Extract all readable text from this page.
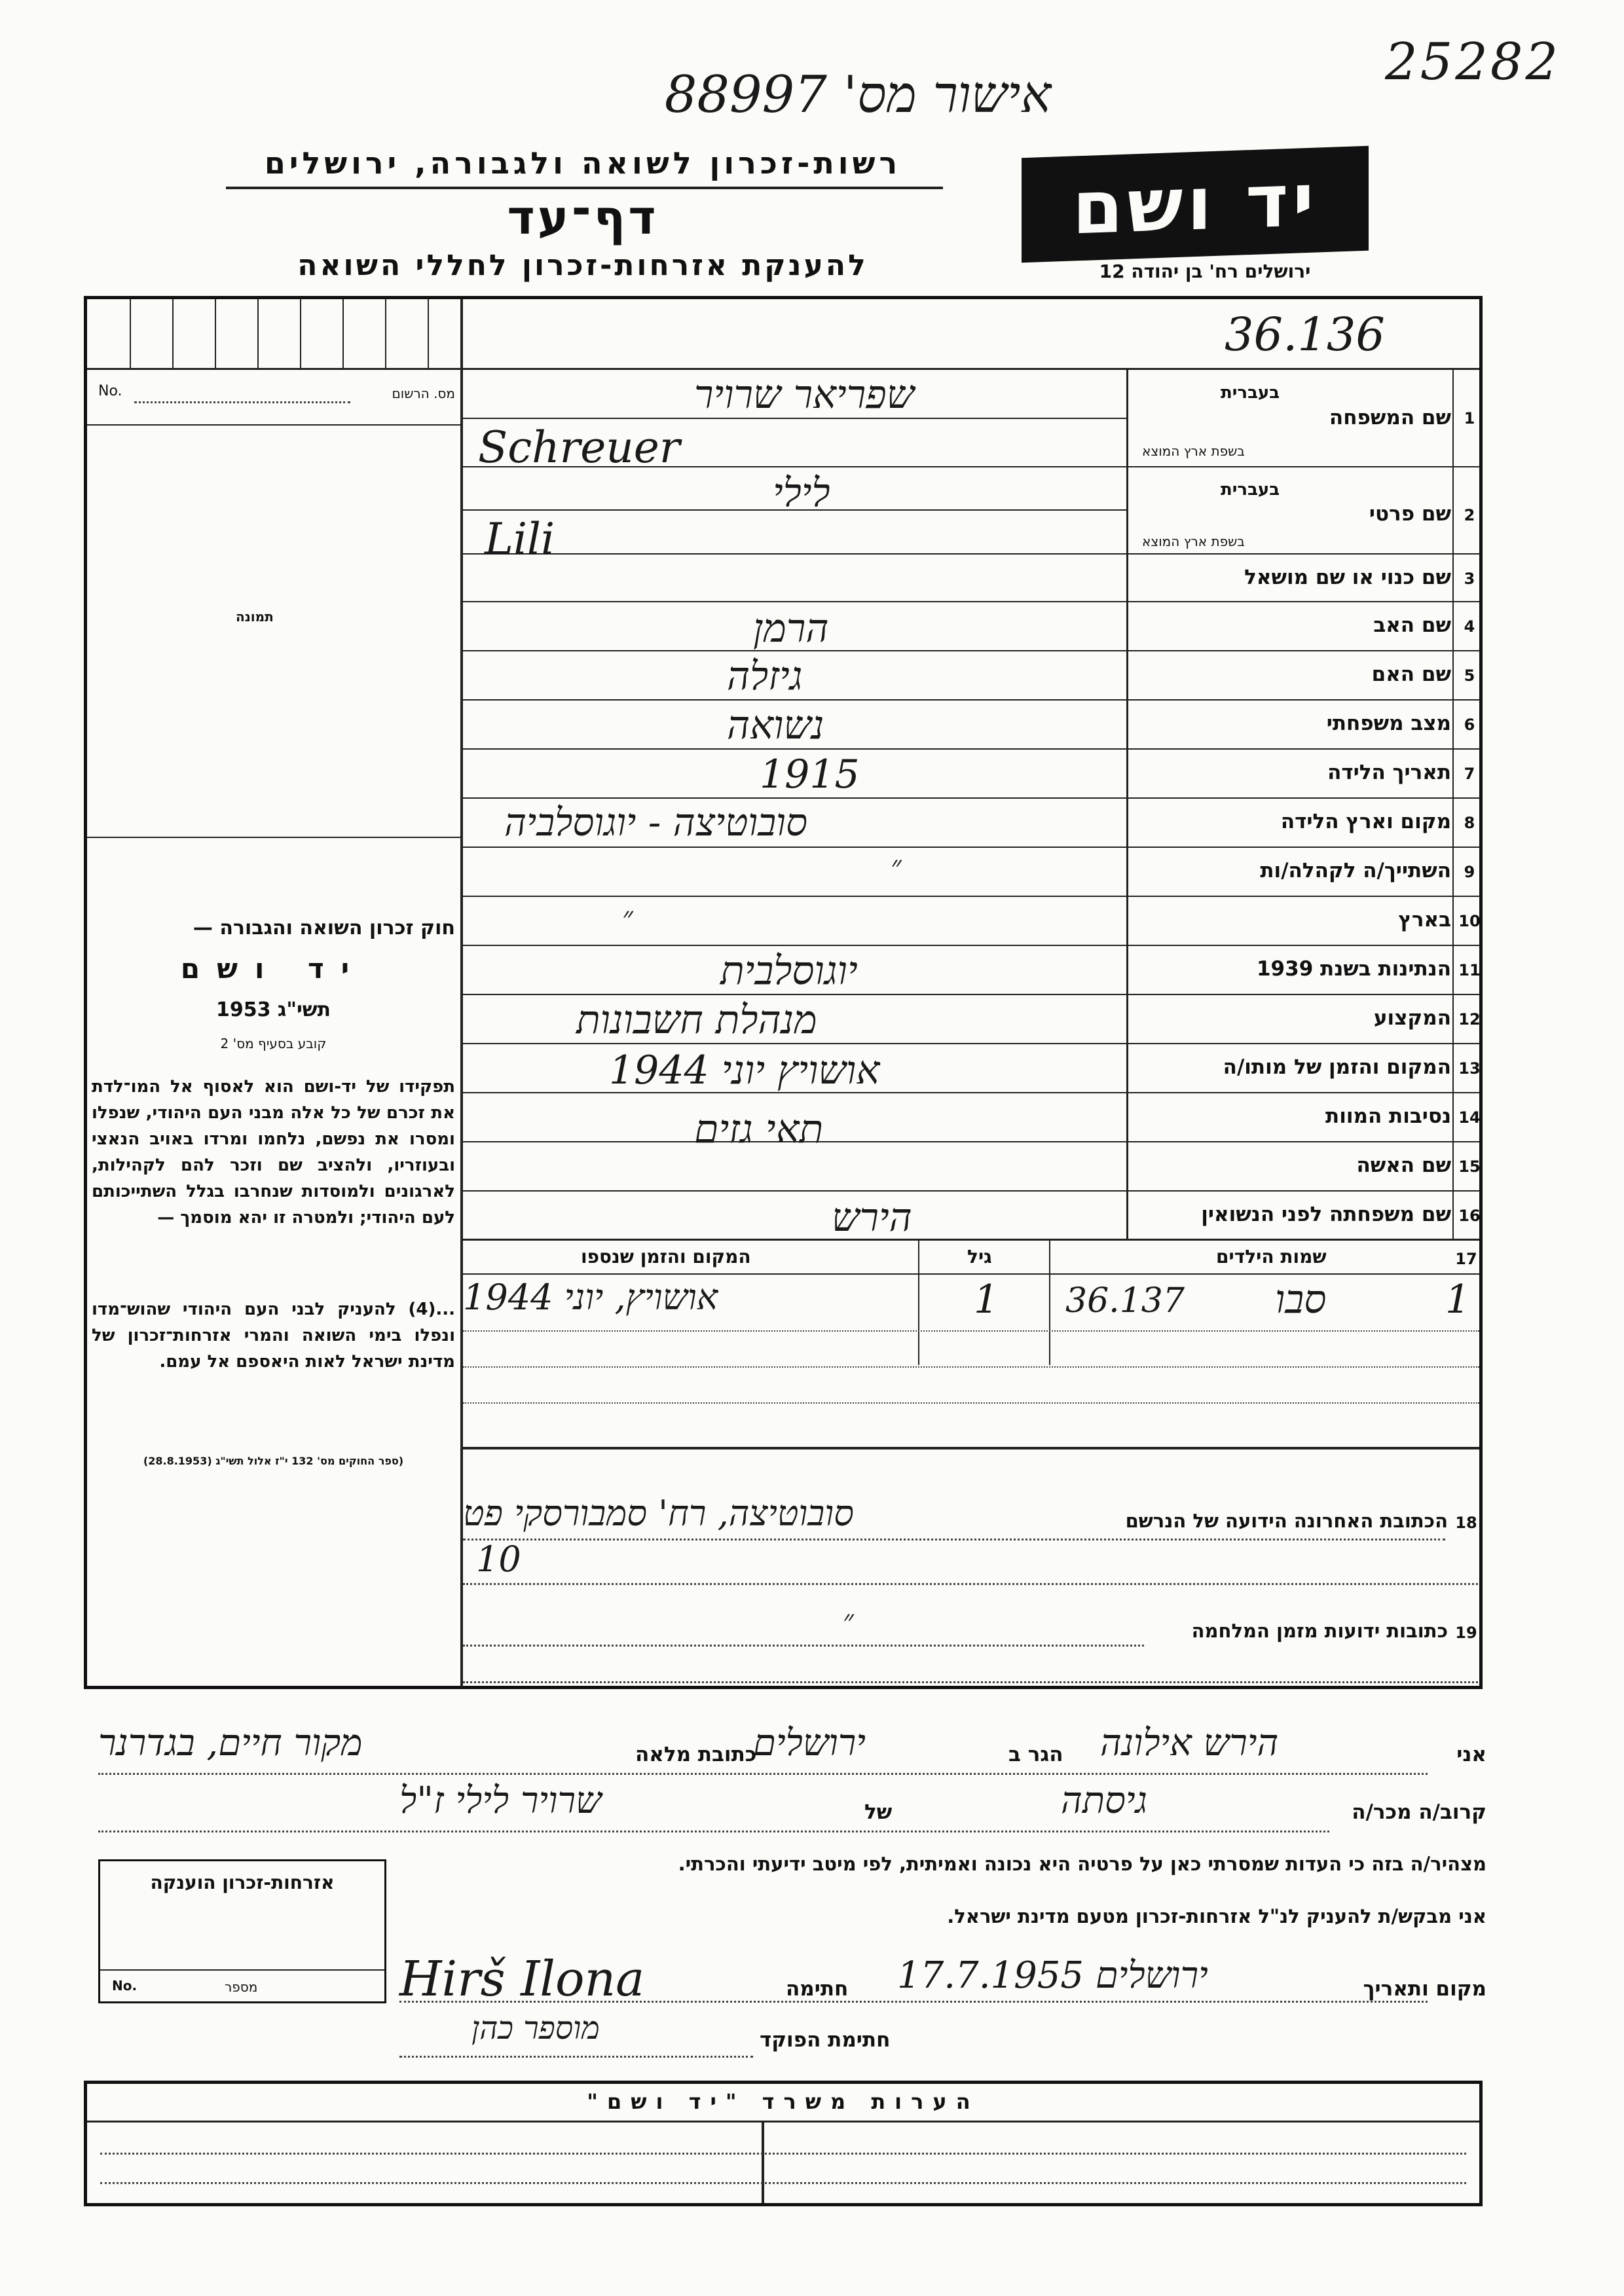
25282
אישור מס' 88997
רשות-זכרון לשואה ולגבורה, ירושלים
דף־עד
להענקת אזרחות-זכרון לחללי השואה
יד ושם
ירושלים רח' בן יהודה 12
36.136
No.	מס. הרשום
תמונה
חוק זכרון השואה והגבורה —
יד ושם
תשי"ג 1953
קובע בסעיף מס' 2
תפקידו של יד-ושם הוא לאסוף אל המו־לדת את זכרם של כל אלה מבני העם היהודי, שנפלו ומסרו את נפשם, נלחמו ומרדו באויב הנאצי ובעוזריו, ולהציב שם וזכר להם לקהילות, לארגונים ולמוסדות שנחרבו בגלל השתייכותם לעם היהודי; ולמטרה זו יהא מוסמך —
...(4) להעניק לבני העם היהודי שהוש־מדו ונפלו בימי השואה והמרי אזרחות־זכרון של מדינת ישראל לאות היאספם אל עמם.
(ספר החוקים מס' 132 י"ז אלול תשי"ג (28.8.1953)
1
שם המשפחה
בעברית
בשפת ארץ המוצא
שפריאר שרויר
Schreuer
2
שם פרטי
בעברית
בשפת ארץ המוצא
לילי
Lili
3
שם כנוי או שם מושאל
4
שם האב
הרמן
5
שם האם
גיזלה
6
מצב משפחתי
נשואה
7
תאריך הלידה
1915
8
מקום וארץ הלידה
סובוטיצה - יוגוסלביה
9
השתייך/ה לקהלה/ות
״
10
בארץ
״
11
הנתינות בשנת 1939
יוגוסלבית
12
המקצוע
מנהלת חשבונות
13
המקום והזמן של מותו/ה
אושויץ יוני 1944
14
נסיבות המוות
תאי גזים
15
שם האשה
16
שם משפחתה לפני הנשואין
הירש
17
שמות הילדים
גיל
המקום והזמן שנספו
1
סבו
36.137
1
אושויץ, יוני 1944
18
הכתובת האחרונה הידועה של הנרשם
סובוטיצה, רח' סמבורסקי פט
10
19
כתובות ידועות מזמן המלחמה
״
אני
הירש אילונה
הגר ב
ירושלים
כתובת מלאה
מקור חיים, בגדרנר
קרוב/ה מכר/ה
גיסתה
של
שרויר לילי ז"ל
מצהיר/ה בזה כי העדות שמסרתי כאן על פרטיה היא נכונה ואמיתית, לפי מיטב ידיעתי והכרתי.
אני מבקש/ת להעניק לנ"ל אזרחות-זכרון מטעם מדינת ישראל.
מקום ותאריך
ירושלים 17.7.1955
חתימה
Hirš Ilona
חתימת הפוקד
מוספר כהן
אזרחות-זכרון הוענקה
No.	מספר
הערות משרד "יד ושם"
